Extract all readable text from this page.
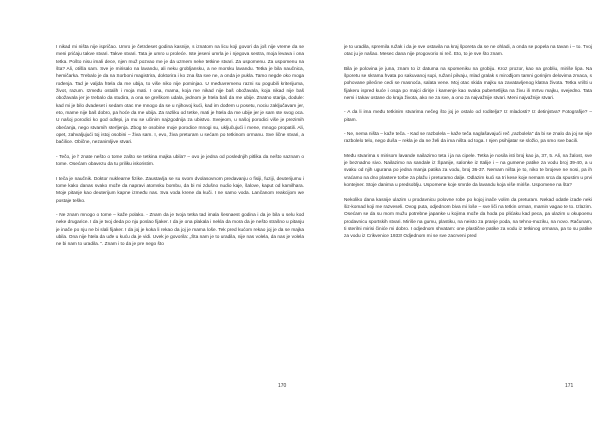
I nikad mi ništa nije ispričao. Umro je četrdeset godina kasnije, s iznatom na licu koji govori da još nije vreme da se meni prićaju takve stvari. Takve stvari. Tata je umro u proleće. Iste jeseni umrla je i njegova sestra, moja levava i ona tetka. Pošto nisu imali dece, njen muž pozvao me je da uzmem neke tetkine stvari. Za uspomenu. Za uspomenu na šta? Ali, otišla sam. Sve je mirisalo na lavandu, ali neku groblјansku, a ne morsku lavandu. Tetka je bila naučnica, hemičarka. Trebalo je da na Sorboni magistrira, doktorira i ko zna šta sve ne, a onda je pukla. Tamo negde oko moga rođenja. Tad je valjda htela da me ubija, to više niko nije pominjao. U međuvremenu razni su pogubili kriterijuma, život, razum. Između ostalih i moja mati. I ona, mama, koja me nikad nije baš obožavala, koja nikad nije baš obožavala jer je trebalo da studira, a ona se greškom udala, jednom je htela baš da me ubije. Znatno starija, dodule: kad mi je bilo dvadeset i sedam otac me mnogo da se u njihovoj kući, kad im dođem u posetu, nociu zaključavam jer, eto, mame nije baš dobro, pa hoće da me ubija. Za razliku od tetke, mati je htela da me ubije jer je sam ste svog oca. U našoj porodici ko god odlepi, ja mu se učinim najzgodnija za ubistvo. Svejeom, u našoj porodici više je prezimih obećanja, nego stvarnih sterljenja. Zbog te osobine moje porodice mnogi su, uključujući i mene, mnogo propatili. Ali, opet, zahvaljujući toj istoj osobini – živa sam. I, evo, živa preturam u sećam po tetkinom ormanu. Sve lične stvari, a bačilice. Obične, nezanimljive stvari.

- Tečo, je l' znate nešto o tome zašto se tetkina majka ubila? – ovo je jedna od poslednjih pitlika da nešto saznam o tome. Osećam obavezu da tu priliku iskoristim.

I teča je naučnik. Doktor nuklearne fizike. Zaustavlja se su svom dvolasovnom predavanju o fisiji, fuziji, deuterijumu i tome kako danas svako može da napravi atomsku bombu, da bi mi zdušno nudio kaje, šalove, kaput od kamilhara. Moje pitanje kao deuterijum kapne između nas. Sva voda krene da kuči. I ne samo voda. Lančanom reakcijom we postaje teško.

- Ne znam mnogo o tome – kaže polako. - Znam da je tvoja tetka tad imala šesnaest godina i da je bila u selu kod neke drugarice. I da je tvoj deda po nju poslao fijaker. I da je ona plakala i nekla da mora da je nešto strašno u pitanju je inače po nju ne bi slali fijaker. I da joj je koka li rekao da joj je mama loše. Tek pred kućom rekao joj je da se majka ubila. Ona nije htela da uđe u kuću da je vidi. Uvek je govorila: „Šta nam je to uradila, nije nas volela, da nas je volela ne bi nam to uradila. ". Znam i to da je pre nego što

170

je to uradila, spremila ružak i da je sve ostavila na kraj šporeta da se ne ohladi, a onda se popela na tavan i – to. Tvoj otac ju je našao. Mesec dana nije progovorio ni reč. Eto, to je sve što znam.

Bila je polovina je juna, znam to iz datuma na spomeniku na grobiju. Kroz prozor, kao na grobliu, miriše lipa. Na šporetu se skrama hvata po sakuvanoj supi, ružaní pilvaju, mlad gralak s mirođijom tamni gorinjim delovima zmaca, s pohovane pilećine cedi se masnoća, salata vene. Moj otac skida majku sa zavatavljenog klatna života. Tetka vrišti u fijakeru ispred kuće i osqa po majci dirirje i kamenje kao svaka pubertetlijka na živu ili mrtvu majku, svejedno. Tata nemi i takav ostane do kraja života, ako ne za sve, a ono za najvažnije stvari. Meni najvažnije stvari.

- A da li ima među tetkinim stvarima nečeg što joj je ostalo od roditelja? Iz mladosti? Iz detinjstva? Fotografije? – pitam.

- Ne, nema ništa – kaže teča. - Kad se razbolela – kaže teča naglašavajući reč „razbolela" da bi se znalo da joj se nije razbolelo telo, nego duša – rekla je da ne želi da ima ništa od toga. I njen psihijatar se složio, pa smo sve bacili.

Među stvarima s mirisom lavande nailazimo teta i ja na cipele. Tetka je nosila isti broj kao ja, 37, 5. Ali, na žalost, sve je beznadno sivo. Nailazimo na sandale iz Španije, salonke iz Italije i – na gumene patike za vodu broj 39-40, a u svaku od njih ugurana po jedna manja patika za vodu, broj 36-37. Nemam ništa je to, niko te brojeve ne nosi, pa ih vraćamo na dno plastere torbe za plažu i preturamo dalje. Odlazim kući sa tri kese koje nemam srca da spustim u prvi kontejner. Stoje danima u predsoblju. Uspomene koje smrde da lavandu koja više miriše. Uspomene na šta?

Nekoliko dana kasnije ulazim u prodavnicu polovne robe po kojoj inače volim da preturam. Nekad odatle izađe neki šiz-komad koji me razveseli. Ovog puta, odjednom biva mi loše – sve liči na tetkin orman, mamin vagao te to. Izlazim. Osećam se da su mom mužu potrebne japanke u kojima može da hoda po plićaku kad peca, pa ulazim u okupoenu prodavnicu sportskih stvari. Miriše na gumu, plastiku, na neisto za pranje poda, na tehno-muziku, na novo. Računam, ti sterilni mirisi činiće mi dobro. I odjednom shvatam: one plastične patike za vodu iz tetkinog ormana, pa to su patike za vodu iz Crikvenice 1933! Odjednom mi se sve zacrveni pred

171
